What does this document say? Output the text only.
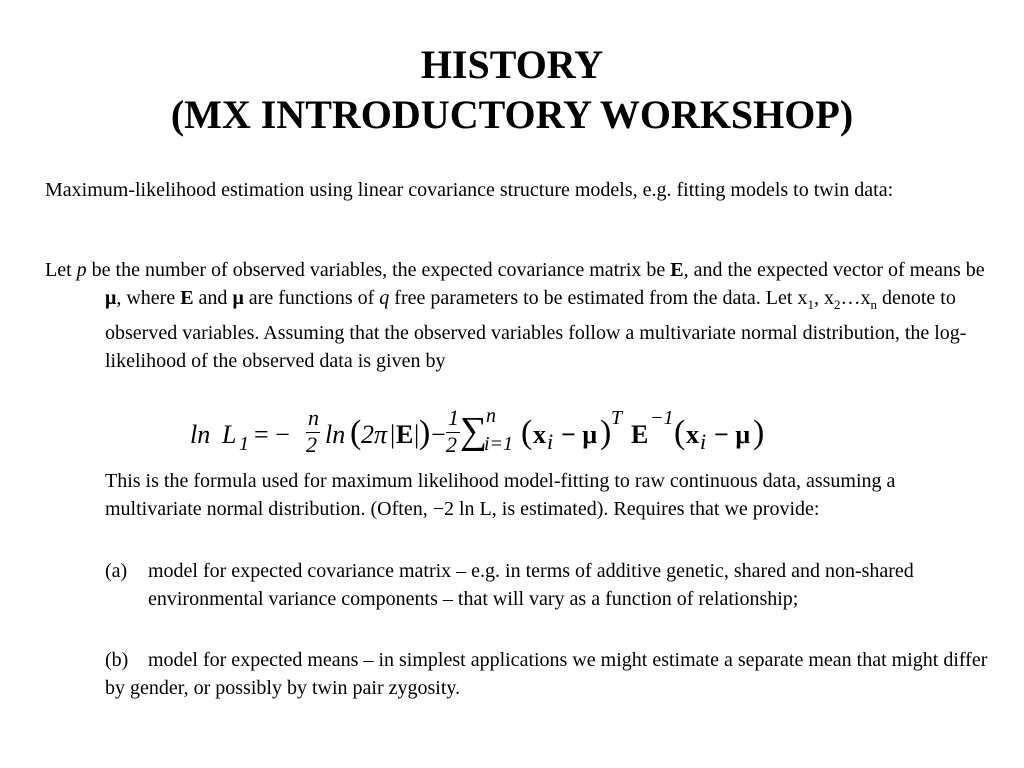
HISTORY
(MX INTRODUCTORY WORKSHOP)
Maximum-likelihood estimation using linear covariance structure models, e.g. fitting models to twin data:
Let p be the number of observed variables, the expected covariance matrix be E, and the expected vector of means be μ, where E and μ are functions of q free parameters to be estimated from the data. Let $x_1$, $x_2\dots x_n$ denote to observed variables. Assuming that the observed variables follow a multivariate normal distribution, the log-likelihood of the observed data is given by
ln L 1 = −
n
2 ln ( 2π | E | ) −
1
2 ∑
n
i=1 ( x i − μ ) T
E
−1 ( x i − μ )
This is the formula used for maximum likelihood model-fitting to raw continuous data, assuming a multivariate normal distribution. (Often, −2 ln L, is estimated). Requires that we provide:
(a) model for expected covariance matrix – e.g. in terms of additive genetic, shared and non-shared environmental variance components – that will vary as a function of relationship;
(b) model for expected means – in simplest applications we might estimate a separate mean that might differ by gender, or possibly by twin pair zygosity.
